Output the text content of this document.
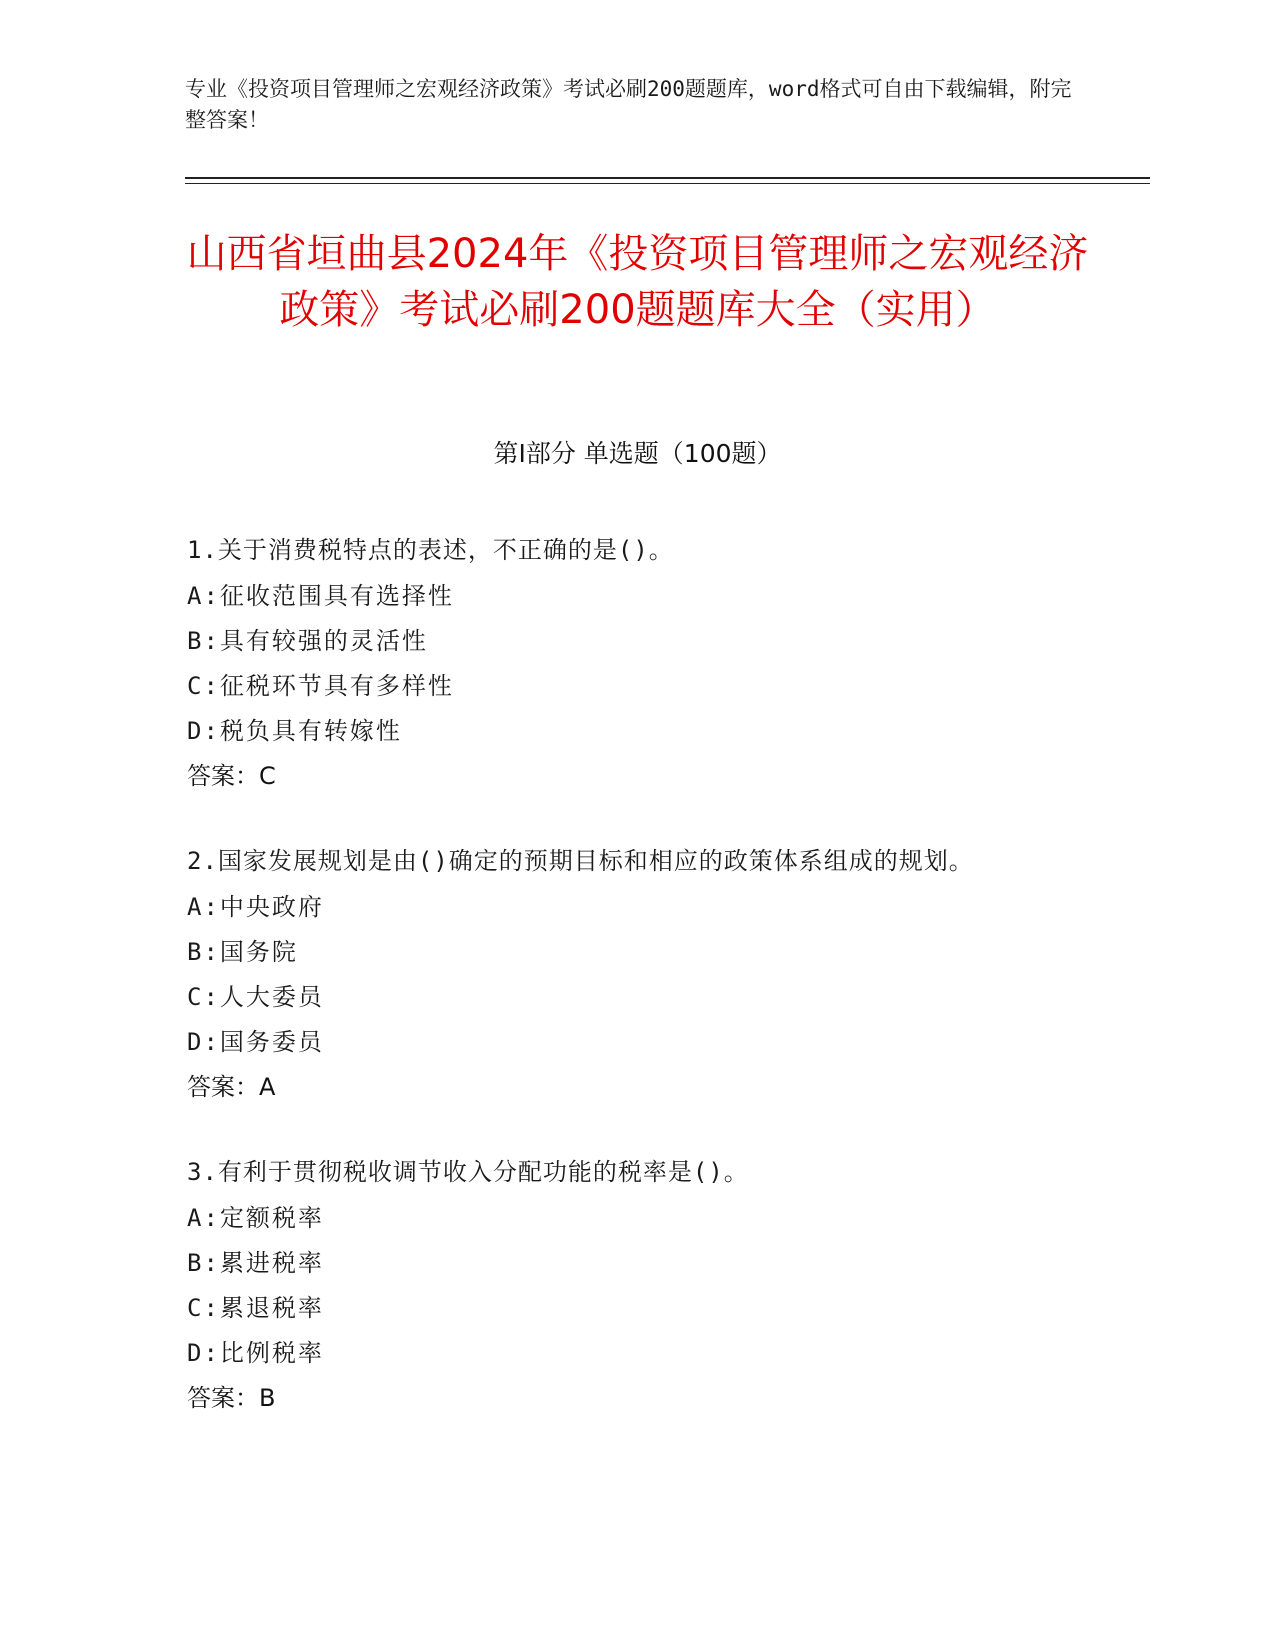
专业《投资项目管理师之宏观经济政策》考试必刷200题题库，word格式可自由下载编辑，附完整答案！
山西省垣曲县2024年《投资项目管理师之宏观经济政策》考试必刷200题题库大全（实用）
第Ⅰ部分 单选题（100题）
1.关于消费税特点的表述，不正确的是()。
A:征收范围具有选择性
B:具有较强的灵活性
C:征税环节具有多样性
D:税负具有转嫁性
答案：C
2.国家发展规划是由()确定的预期目标和相应的政策体系组成的规划。
A:中央政府
B:国务院
C:人大委员
D:国务委员
答案：A
3.有利于贯彻税收调节收入分配功能的税率是()。
A:定额税率
B:累进税率
C:累退税率
D:比例税率
答案：B
